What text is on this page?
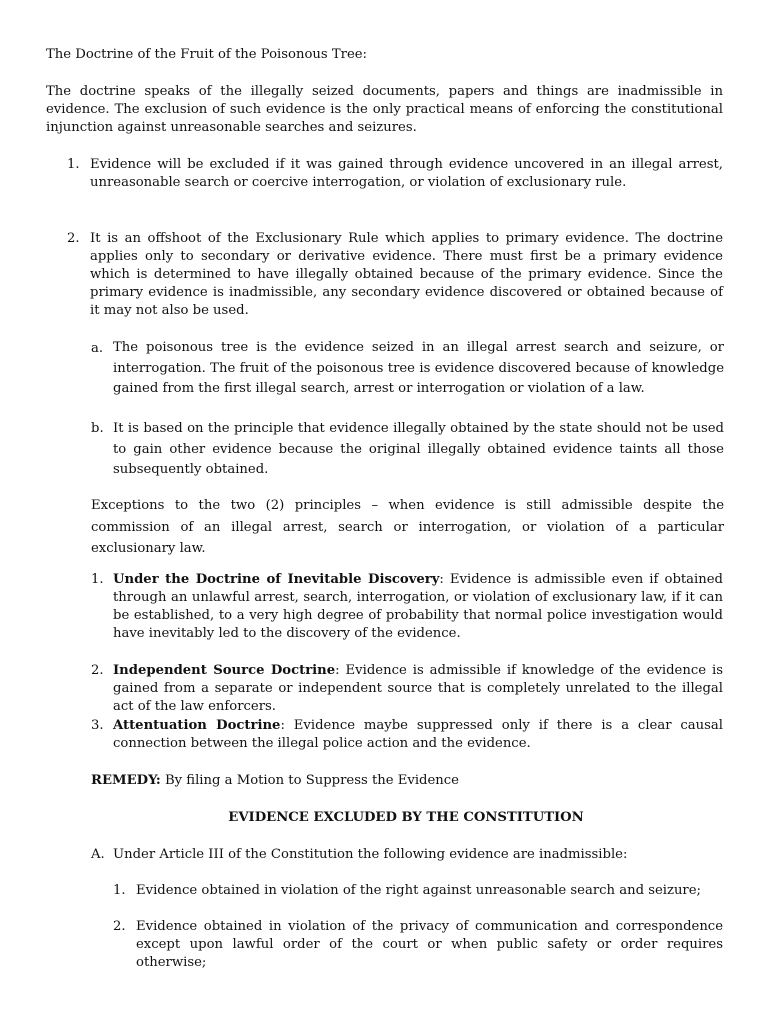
The Doctrine of the Fruit of the Poisonous Tree:

The doctrine speaks of the illegally seized documents, papers and things are inadmissible in evidence. The exclusion of such evidence is the only practical means of enforcing the constitutional injunction against unreasonable searches and seizures.

1. Evidence will be excluded if it was gained through evidence uncovered in an illegal arrest, unreasonable search or coercive interrogation, or violation of exclusionary rule.

2. It is an offshoot of the Exclusionary Rule which applies to primary evidence. The doctrine applies only to secondary or derivative evidence. There must first be a primary evidence which is determined to have illegally obtained because of the primary evidence. Since the primary evidence is inadmissible, any secondary evidence discovered or obtained because of it may not also be used.

a. The poisonous tree is the evidence seized in an illegal arrest search and seizure, or interrogation. The fruit of the poisonous tree is evidence discovered because of knowledge gained from the first illegal search, arrest or interrogation or violation of a law.

b. It is based on the principle that evidence illegally obtained by the state should not be used to gain other evidence because the original illegally obtained evidence taints all those subsequently obtained.

Exceptions to the two (2) principles – when evidence is still admissible despite the commission of an illegal arrest, search or interrogation, or violation of a particular exclusionary law.

1. Under the Doctrine of Inevitable Discovery: Evidence is admissible even if obtained through an unlawful arrest, search, interrogation, or violation of exclusionary law, if it can be established, to a very high degree of probability that normal police investigation would have inevitably led to the discovery of the evidence.

2. Independent Source Doctrine: Evidence is admissible if knowledge of the evidence is gained from a separate or independent source that is completely unrelated to the illegal act of the law enforcers.

3. Attentuation Doctrine: Evidence maybe suppressed only if there is a clear causal connection between the illegal police action and the evidence.

REMEDY: By filing a Motion to Suppress the Evidence

EVIDENCE EXCLUDED BY THE CONSTITUTION

A. Under Article III of the Constitution the following evidence are inadmissible:

1. Evidence obtained in violation of the right against unreasonable search and seizure;

2. Evidence obtained in violation of the privacy of communication and correspondence except upon lawful order of the court or when public safety or order requires otherwise;
